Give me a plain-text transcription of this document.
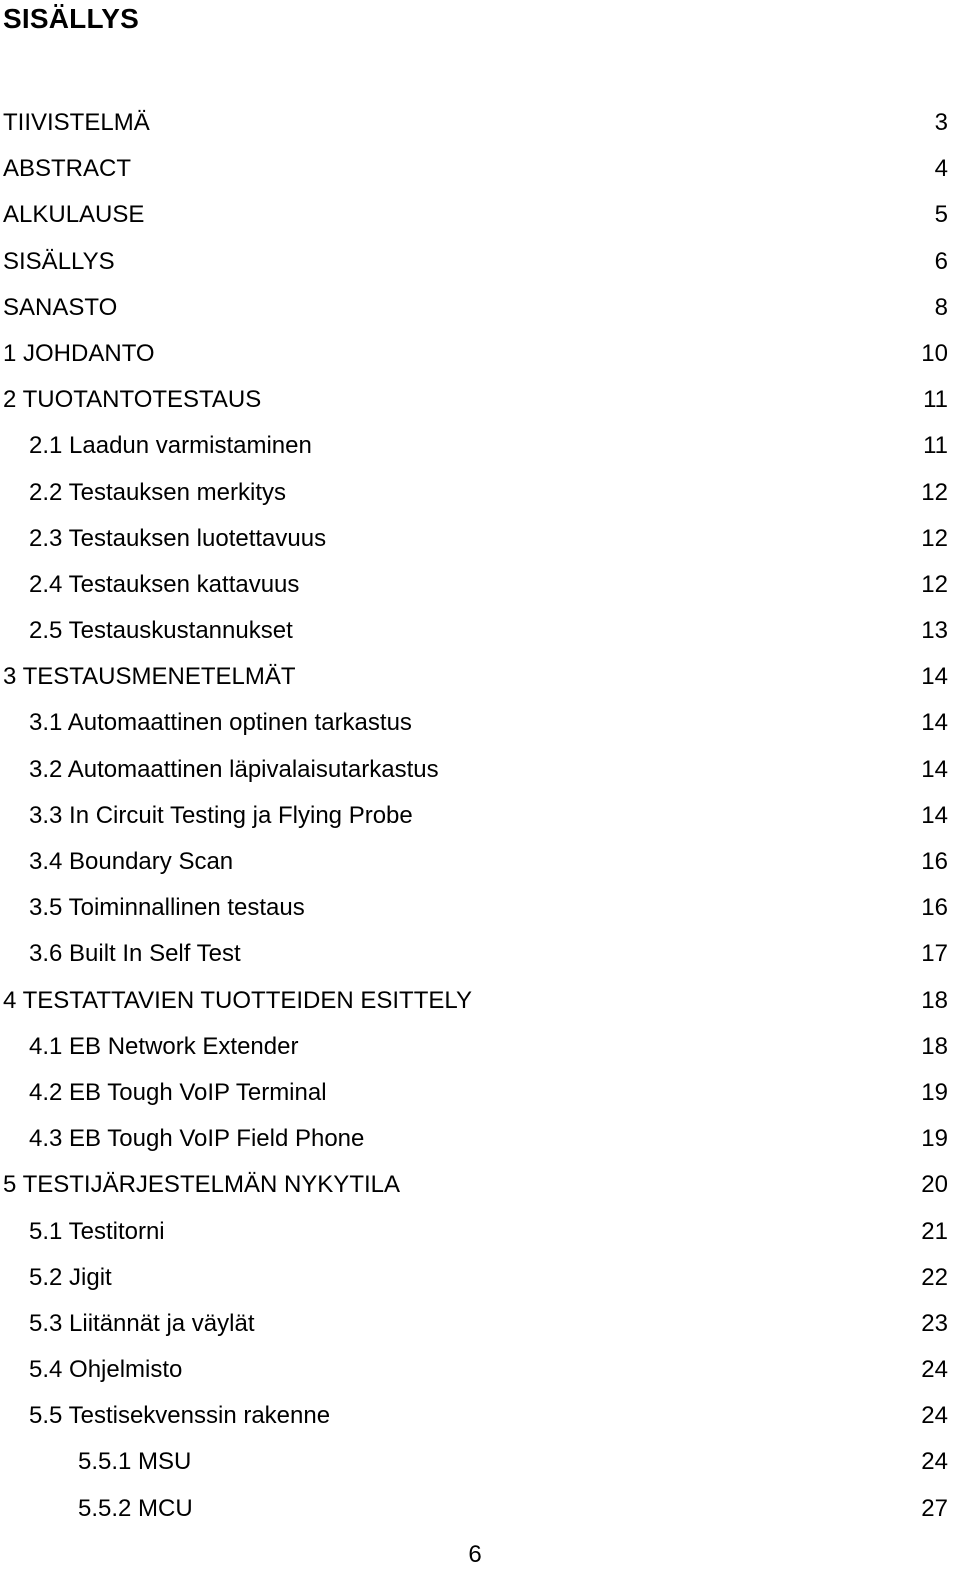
SISÄLLYS
TIIVISTELMÄ	3
ABSTRACT	4
ALKULAUSE	5
SISÄLLYS	6
SANASTO	8
1 JOHDANTO	10
2 TUOTANTOTESTAUS	11
2.1 Laadun varmistaminen	11
2.2 Testauksen merkitys	12
2.3 Testauksen luotettavuus	12
2.4 Testauksen kattavuus	12
2.5 Testauskustannukset	13
3 TESTAUSMENETELMÄT	14
3.1 Automaattinen optinen tarkastus	14
3.2 Automaattinen läpivalaisutarkastus	14
3.3 In Circuit Testing ja Flying Probe	14
3.4 Boundary Scan	16
3.5 Toiminnallinen testaus	16
3.6 Built In Self Test	17
4 TESTATTAVIEN TUOTTEIDEN ESITTELY	18
4.1 EB Network Extender	18
4.2 EB Tough VoIP Terminal	19
4.3 EB Tough VoIP Field Phone	19
5 TESTIJÄRJESTELMÄN NYKYTILA	20
5.1 Testitorni	21
5.2 Jigit	22
5.3 Liitännät ja väylät	23
5.4 Ohjelmisto	24
5.5 Testisekvenssin rakenne	24
5.5.1 MSU	24
5.5.2 MCU	27
6
